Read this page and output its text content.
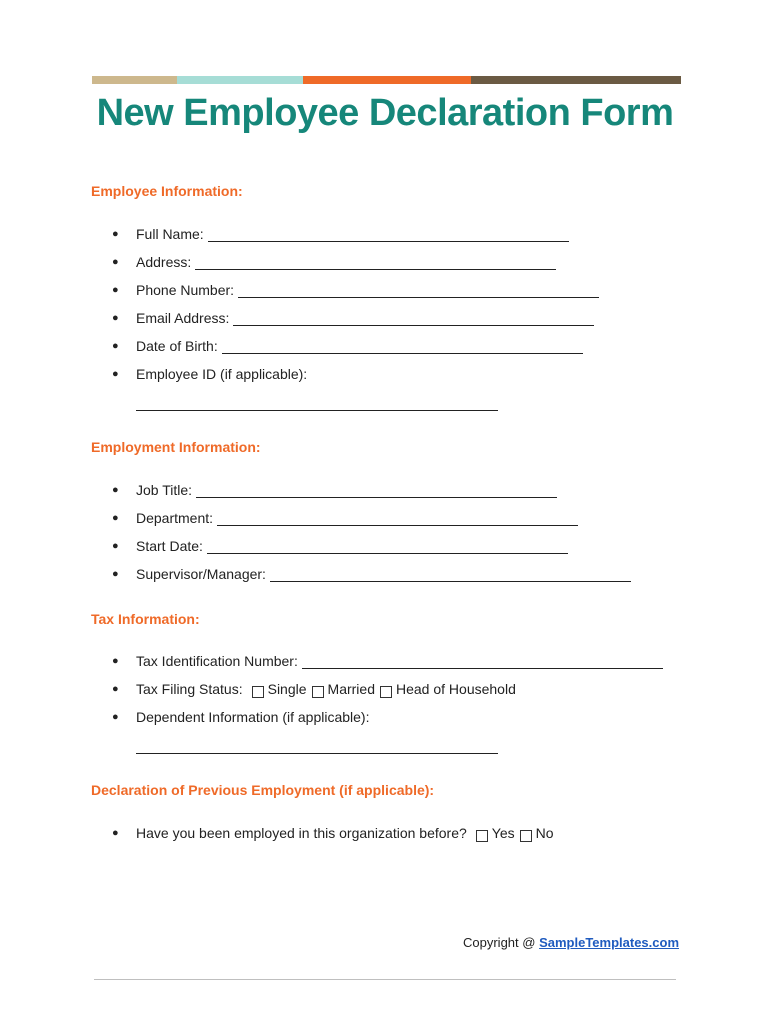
New Employee Declaration Form
Employee Information:
●	Full Name:
●	Address:
●	Phone Number:
●	Email Address:
●	Date of Birth:
●	Employee ID (if applicable):
Employment Information:
●	Job Title:
●	Department:
●	Start Date:
●	Supervisor/Manager:
Tax Information:
●	Tax Identification Number:
●	Tax Filing Status: Single Married Head of Household
●	Dependent Information (if applicable):
Declaration of Previous Employment (if applicable):
●	Have you been employed in this organization before? Yes No
Copyright @ SampleTemplates.com
